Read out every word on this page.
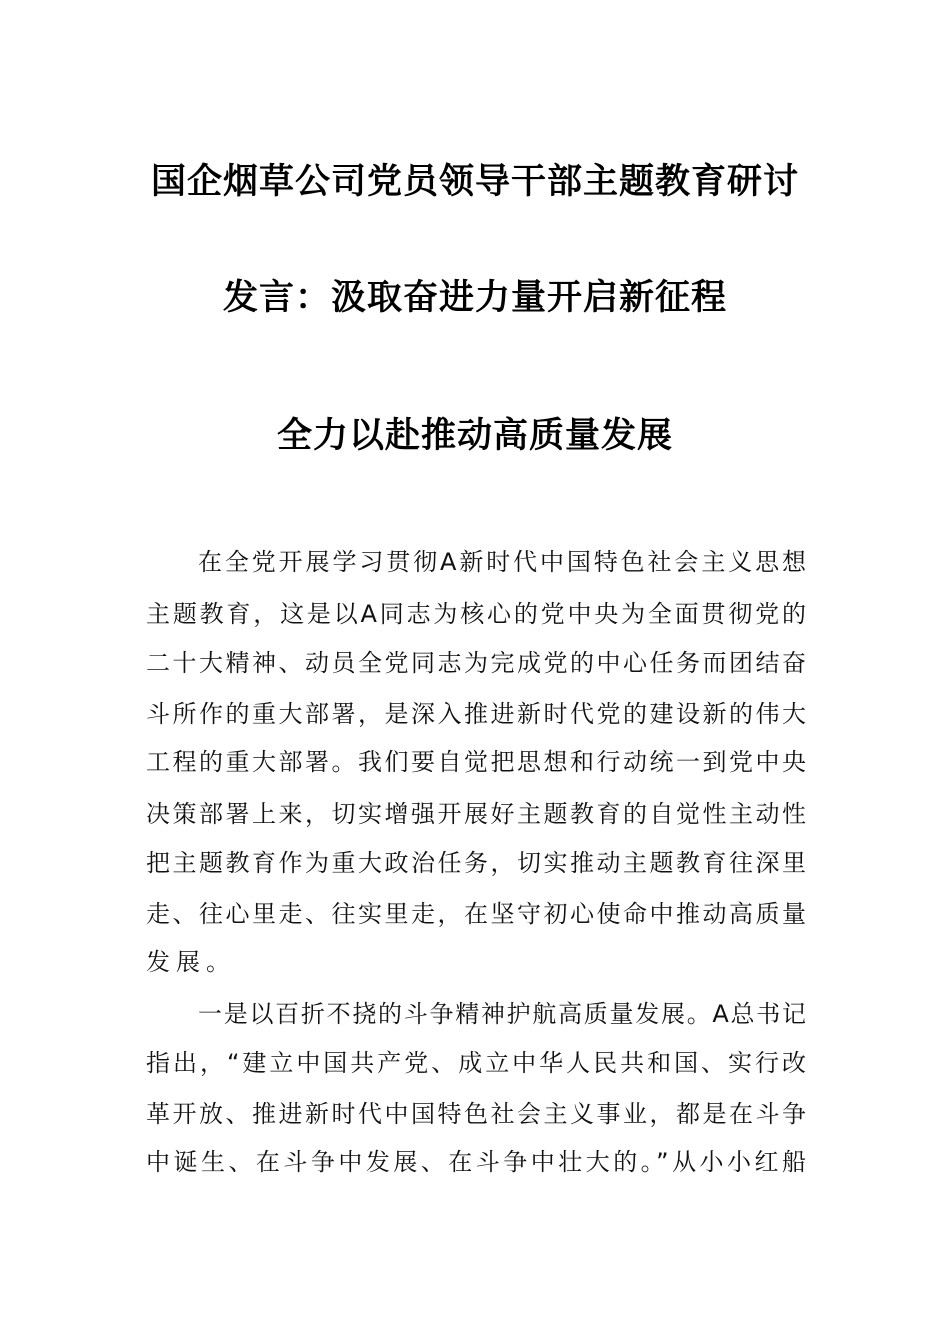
国企烟草公司党员领导干部主题教育研讨
发言：汲取奋进力量开启新征程
全力以赴推动高质量发展
在全党开展学习贯彻A新时代中国特色社会主义思想
主题教育，这是以A同志为核心的党中央为全面贯彻党的
二十大精神、动员全党同志为完成党的中心任务而团结奋
斗所作的重大部署，是深入推进新时代党的建设新的伟大
工程的重大部署。我们要自觉把思想和行动统一到党中央
决策部署上来，切实增强开展好主题教育的自觉性主动性
把主题教育作为重大政治任务，切实推动主题教育往深里
走、往心里走、往实里走，在坚守初心使命中推动高质量
发展。
一是以百折不挠的斗争精神护航高质量发展。A总书记
指出，“建立中国共产党、成立中华人民共和国、实行改
革开放、推进新时代中国特色社会主义事业，都是在斗争
中诞生、在斗争中发展、在斗争中壮大的。”从小小红船
